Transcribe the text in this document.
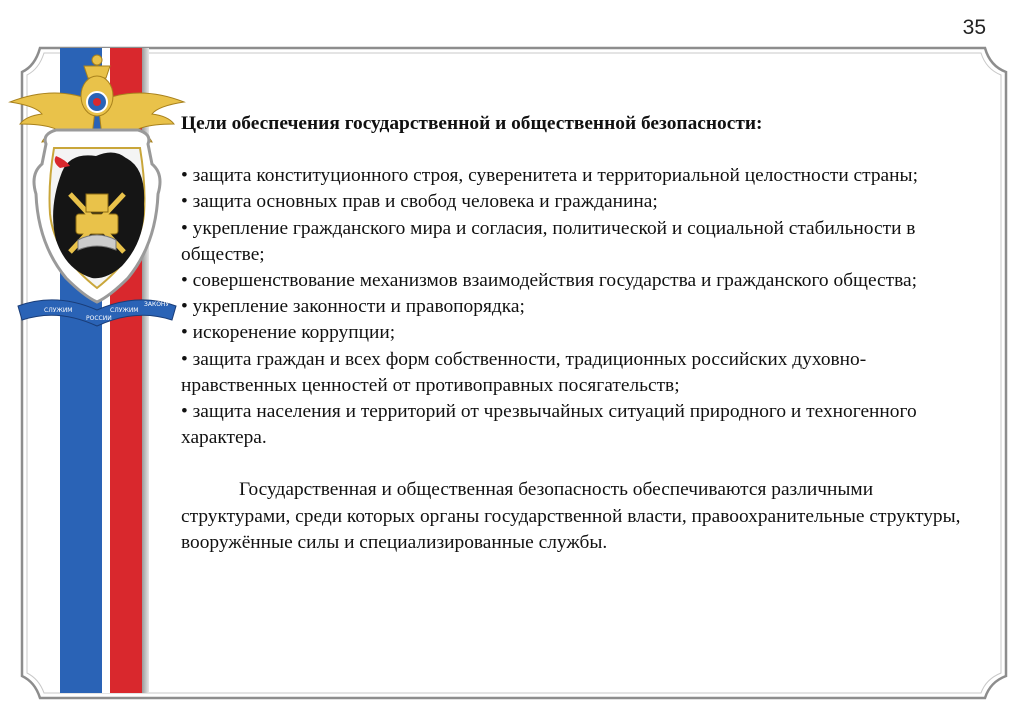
35
СЛУЖИМ
РОССИИ
СЛУЖИМ
ЗАКОНУ

Цели обеспечения государственной и общественной безопасности:

• защита конституционного строя, суверенитета и территориальной целостности страны;
• защита основных прав и свобод человека и гражданина;
• укрепление гражданского мира и согласия, политической и социальной стабильности в обществе;
• совершенствование механизмов взаимодействия государства и гражданского общества;
• укрепление законности и правопорядка;
• искоренение коррупции;
• защита граждан и всех форм собственности, традиционных российских духовно-нравственных ценностей от противоправных посягательств;
• защита населения и территорий от чрезвычайных ситуаций природного и техногенного характера.

Государственная и общественная безопасность обеспечиваются различными структурами, среди которых органы государственной власти, правоохранительные структуры, вооружённые силы и специализированные службы.
